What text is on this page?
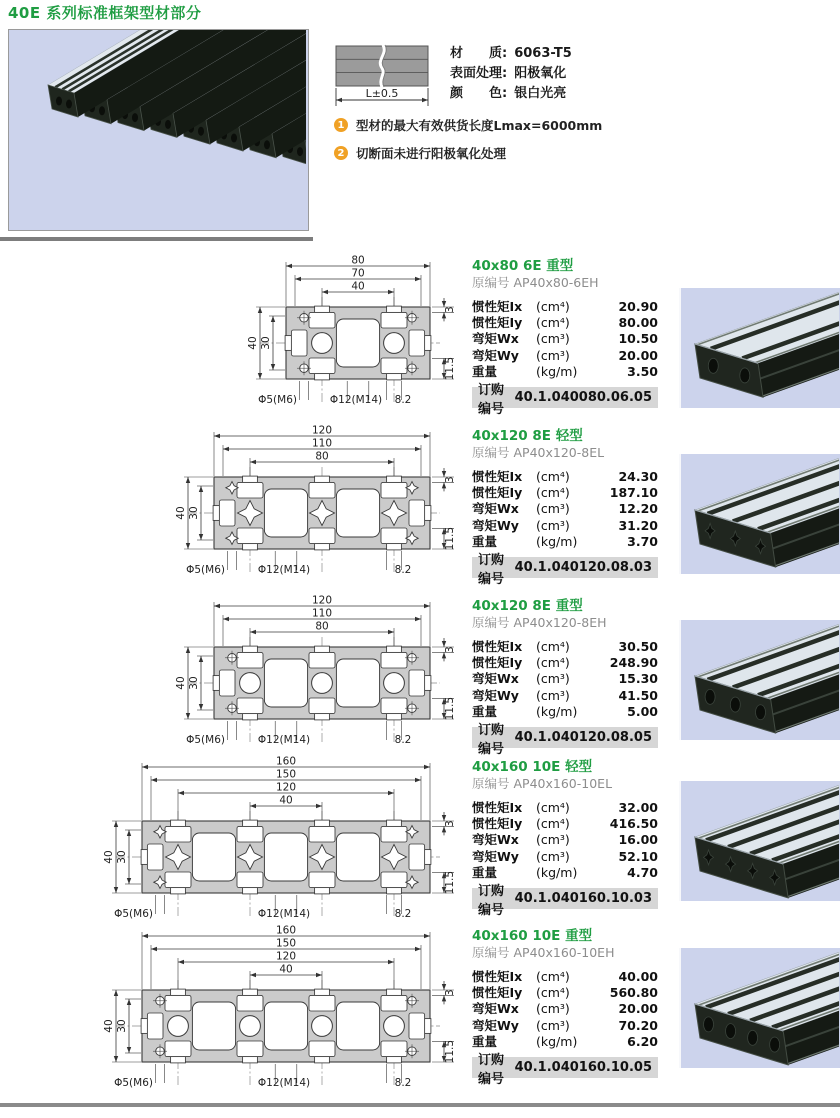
40E 系列标准框架型材部分
L±0.5
材　　质: 6063-T5
表面处理: 阳极氧化
颜　　色: 银白光亮
1 型材的最大有效供货长度Lmax=6000mm
2 切断面未进行阳极氧化处理
80
70
40
40 30
3
11.5
Φ5(M6)	Φ12(M14) 8.2
40x80 6E 重型
原编号 AP40x80-6EH
惯性矩Ix	(cm⁴)	20.90
惯性矩Iy	(cm⁴)	80.00
弯矩Wx	(cm³)	10.50
弯矩Wy	(cm³)	20.00
重量	(kg/m)	3.50
订购编号
40.1.040080.06.05
120
110
80
40 30
3
11.5
Φ5(M6)	Φ12(M14)	8.2
40x120 8E 轻型
原编号 AP40x120-8EL
惯性矩Ix	(cm⁴)	24.30
惯性矩Iy	(cm⁴)	187.10
弯矩Wx	(cm³)	12.20
弯矩Wy	(cm³)	31.20
重量	(kg/m)	3.70
订购编号
40.1.040120.08.03
120
110
80
40 30
3
11.5
Φ5(M6)	Φ12(M14)	8.2
40x120 8E 重型
原编号 AP40x120-8EH
惯性矩Ix	(cm⁴)	30.50
惯性矩Iy	(cm⁴)	248.90
弯矩Wx	(cm³)	15.30
弯矩Wy	(cm³)	41.50
重量	(kg/m)	5.00
订购编号
40.1.040120.08.05
160
150
120
40
40 30
3
11.5
Φ5(M6)	Φ12(M14)	8.2
40x160 10E 轻型
原编号 AP40x160-10EL
惯性矩Ix	(cm⁴)	32.00
惯性矩Iy	(cm⁴)	416.50
弯矩Wx	(cm³)	16.00
弯矩Wy	(cm³)	52.10
重量	(kg/m)	4.70
订购编号
40.1.040160.10.03
160
150
120
40
40 30
3
11.5
Φ5(M6)	Φ12(M14)	8.2
40x160 10E 重型
原编号 AP40x160-10EH
惯性矩Ix	(cm⁴)	40.00
惯性矩Iy	(cm⁴)	560.80
弯矩Wx	(cm³)	20.00
弯矩Wy	(cm³)	70.20
重量	(kg/m)	6.20
订购编号
40.1.040160.10.05
